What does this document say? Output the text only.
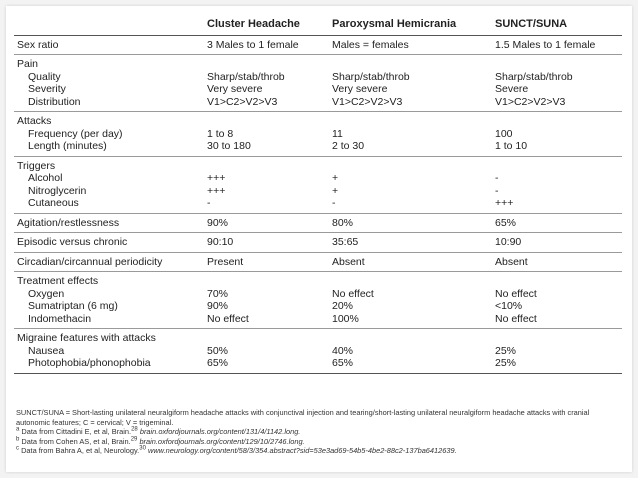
	Cluster Headache	Paroxysmal Hemicrania	SUNCT/SUNA
Sex ratio	3 Males to 1 female	Males = females	1.5 Males to 1 female
Pain			
Quality	Sharp/stab/throb	Sharp/stab/throb	Sharp/stab/throb
Severity	Very severe	Very severe	Severe
Distribution	V1>C2>V2>V3	V1>C2>V2>V3	V1>C2>V2>V3
Attacks			
Frequency (per day)	1 to 8	11	100
Length (minutes)	30 to 180	2 to 30	1 to 10
Triggers			
Alcohol	+++	+	-
Nitroglycerin	+++	+	-
Cutaneous	-	-	+++
Agitation/restlessness	90%	80%	65%
Episodic versus chronic	90:10	35:65	10:90
Circadian/circannual periodicity	Present	Absent	Absent
Treatment effects			
Oxygen	70%	No effect	No effect
Sumatriptan (6 mg)	90%	20%	<10%
Indomethacin	No effect	100%	No effect
Migraine features with attacks			
Nausea	50%	40%	25%
Photophobia/phonophobia	65%	65%	25%
SUNCT/SUNA = Short-lasting unilateral neuralgiform headache attacks with conjunctival injection and tearing/short-lasting unilateral neuralgiform headache attacks with cranial autonomic features; C = cervical; V = trigeminal.
$^a$ Data from Cittadini E, et al, Brain.$^{28}$ brain.oxfordjournals.org/content/131/4/1142.long.
$^b$ Data from Cohen AS, et al, Brain.$^{29}$ brain.oxfordjournals.org/content/129/10/2746.long.
$^c$ Data from Bahra A, et al, Neurology.$^{30}$ www.neurology.org/content/58/3/354.abstract?sid=53e3ad69-54b5-4be2-88c2-137ba6412639.
